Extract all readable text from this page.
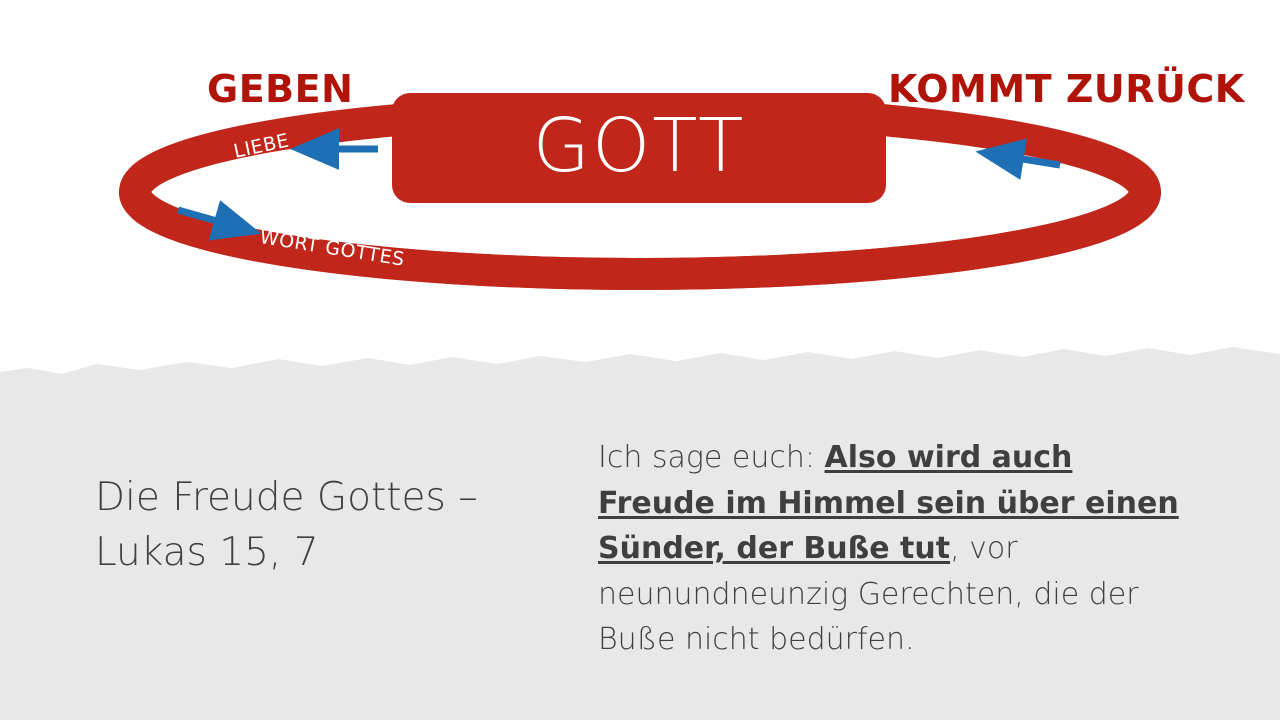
GEBEN	KOMMT ZURÜCK
GOTT
LIEBE	FRUCHT
WORT GOTTES
Die Freude Gottes – Lukas 15, 7
Ich sage euch: Also wird auch Freude im Himmel sein über einen Sünder, der Buße tut, vor neunundneunzig Gerechten, die der Buße nicht bedürfen.
